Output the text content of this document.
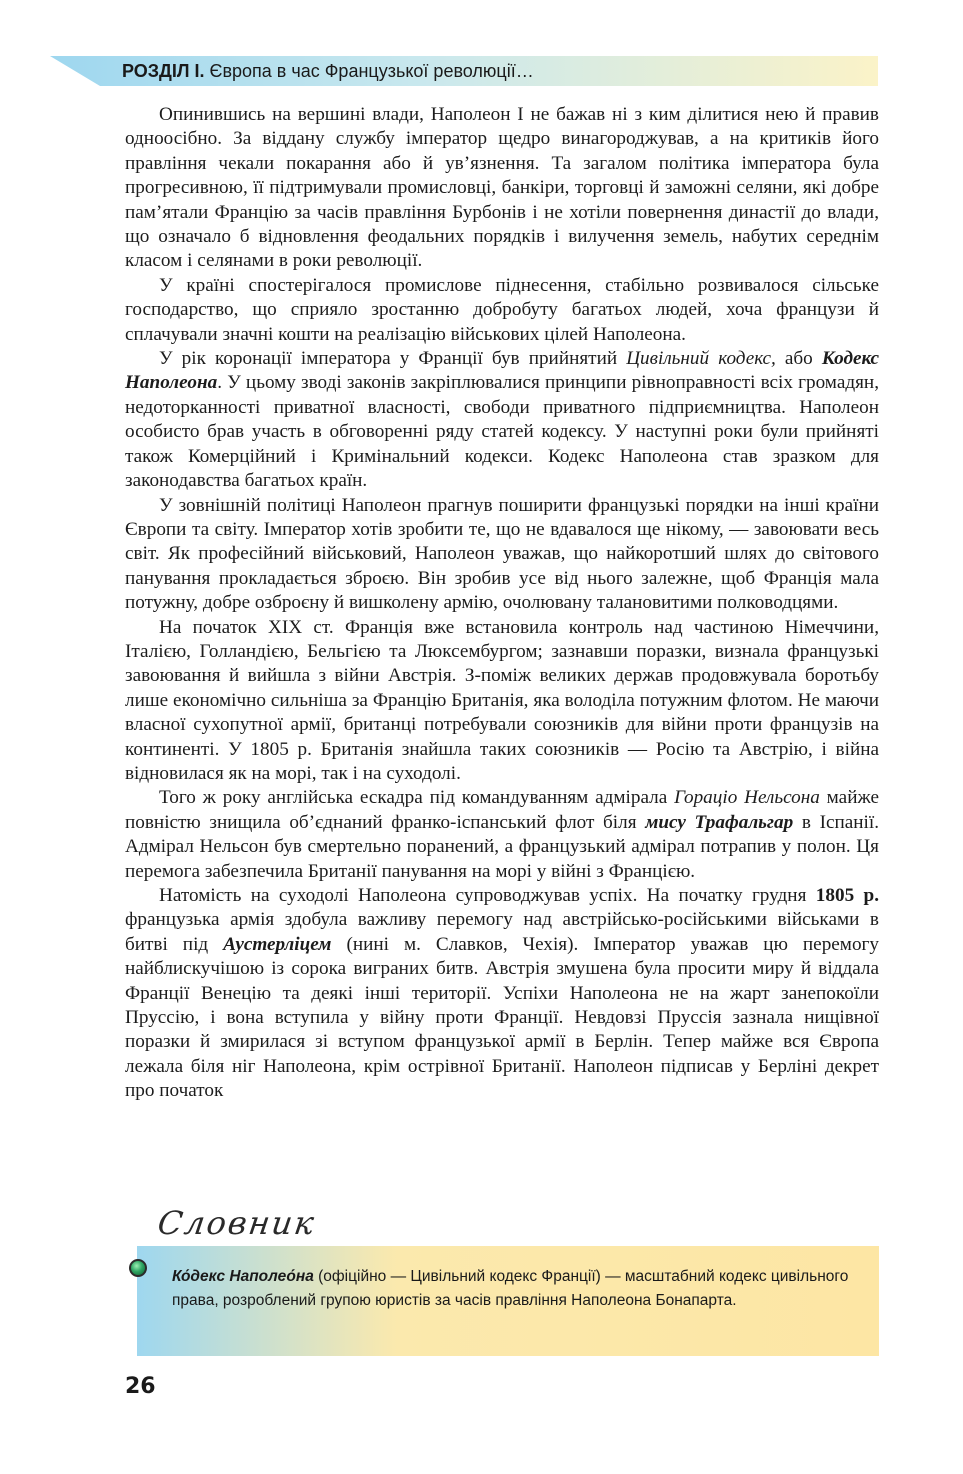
РОЗДІЛ І. Європа в час Французької революції…

Опинившись на вершині влади, Наполеон I не бажав ні з ким ділитися нею й правив одноосібно. За віддану службу імператор щедро винагороджував, а на критиків його правління чекали покарання або й ув’язнення. Та загалом політика імператора була прогресивною, її підтримували промисловці, банкіри, торговці й заможні селяни, які добре пам’ятали Францію за часів правління Бурбонів і не хотіли повернення династії до влади, що означало б відновлення феодальних порядків і вилучення земель, набутих середнім класом і селянами в роки революції.

У країні спостерігалося промислове піднесення, стабільно розвивалося сільське господарство, що сприяло зростанню добробуту багатьох людей, хоча французи й сплачували значні кошти на реалізацію військових цілей Наполеона.

У рік коронації імператора у Франції був прийнятий Цивільний кодекс, або Кодекс Наполеона. У цьому зводі законів закріплювалися принципи рівноправності всіх громадян, недоторканності приватної власності, свободи приватного підприємництва. Наполеон особисто брав участь в обговоренні ряду статей кодексу. У наступні роки були прийняті також Комерційний і Кримінальний кодекси. Кодекс Наполеона став зразком для законодавства багатьох країн.

У зовнішній політиці Наполеон прагнув поширити французькі порядки на інші країни Європи та світу. Імператор хотів зробити те, що не вдавалося ще нікому, — завоювати весь світ. Як професійний військовий, Наполеон уважав, що найкоротший шлях до світового панування прокладається зброєю. Він зробив усе від нього залежне, щоб Франція мала потужну, добре озброєну й вишколену армію, очолювану талановитими полководцями.

На початок XIX ст. Франція вже встановила контроль над частиною Німеччини, Італією, Голландією, Бельгією та Люксембургом; зазнавши поразки, визнала французькі завоювання й вийшла з війни Австрія. З-поміж великих держав продовжувала боротьбу лише економічно сильніша за Францію Британія, яка володіла потужним флотом. Не маючи власної сухопутної армії, британці потребували союзників для війни проти французів на континенті. У 1805 р. Британія знайшла таких союзників — Росію та Австрію, і війна відновилася як на морі, так і на суходолі.

Того ж року англійська ескадра під командуванням адмірала Гораціо Нельсона майже повністю знищила об’єднаний франко-іспанський флот біля мису Трафальгар в Іспанії. Адмірал Нельсон був смертельно поранений, а французький адмірал потрапив у полон. Ця перемога забезпечила Британії панування на морі у війні з Францією.

Натомість на суходолі Наполеона супроводжував успіх. На початку грудня 1805 р. французька армія здобула важливу перемогу над австрійсько-російськими військами в битві під Аустерліцем (нині м. Славков, Чехія). Імператор уважав цю перемогу найблискучішою із сорока виграних битв. Австрія змушена була просити миру й віддала Франції Венецію та деякі інші території. Успіхи Наполеона не на жарт занепокоїли Пруссію, і вона вступила у війну проти Франції. Невдовзі Пруссія зазнала нищівної поразки й змирилася зі вступом французької армії в Берлін. Тепер майже вся Європа лежала біля ніг Наполеона, крім острівної Британії. Наполеон підписав у Берліні декрет про початок

Словник
Ко́декс Наполео́на (офіційно — Цивільний кодекс Франції) — масштабний кодекс цивільного права, розроблений групою юристів за часів правління Наполеона Бонапарта.
26
